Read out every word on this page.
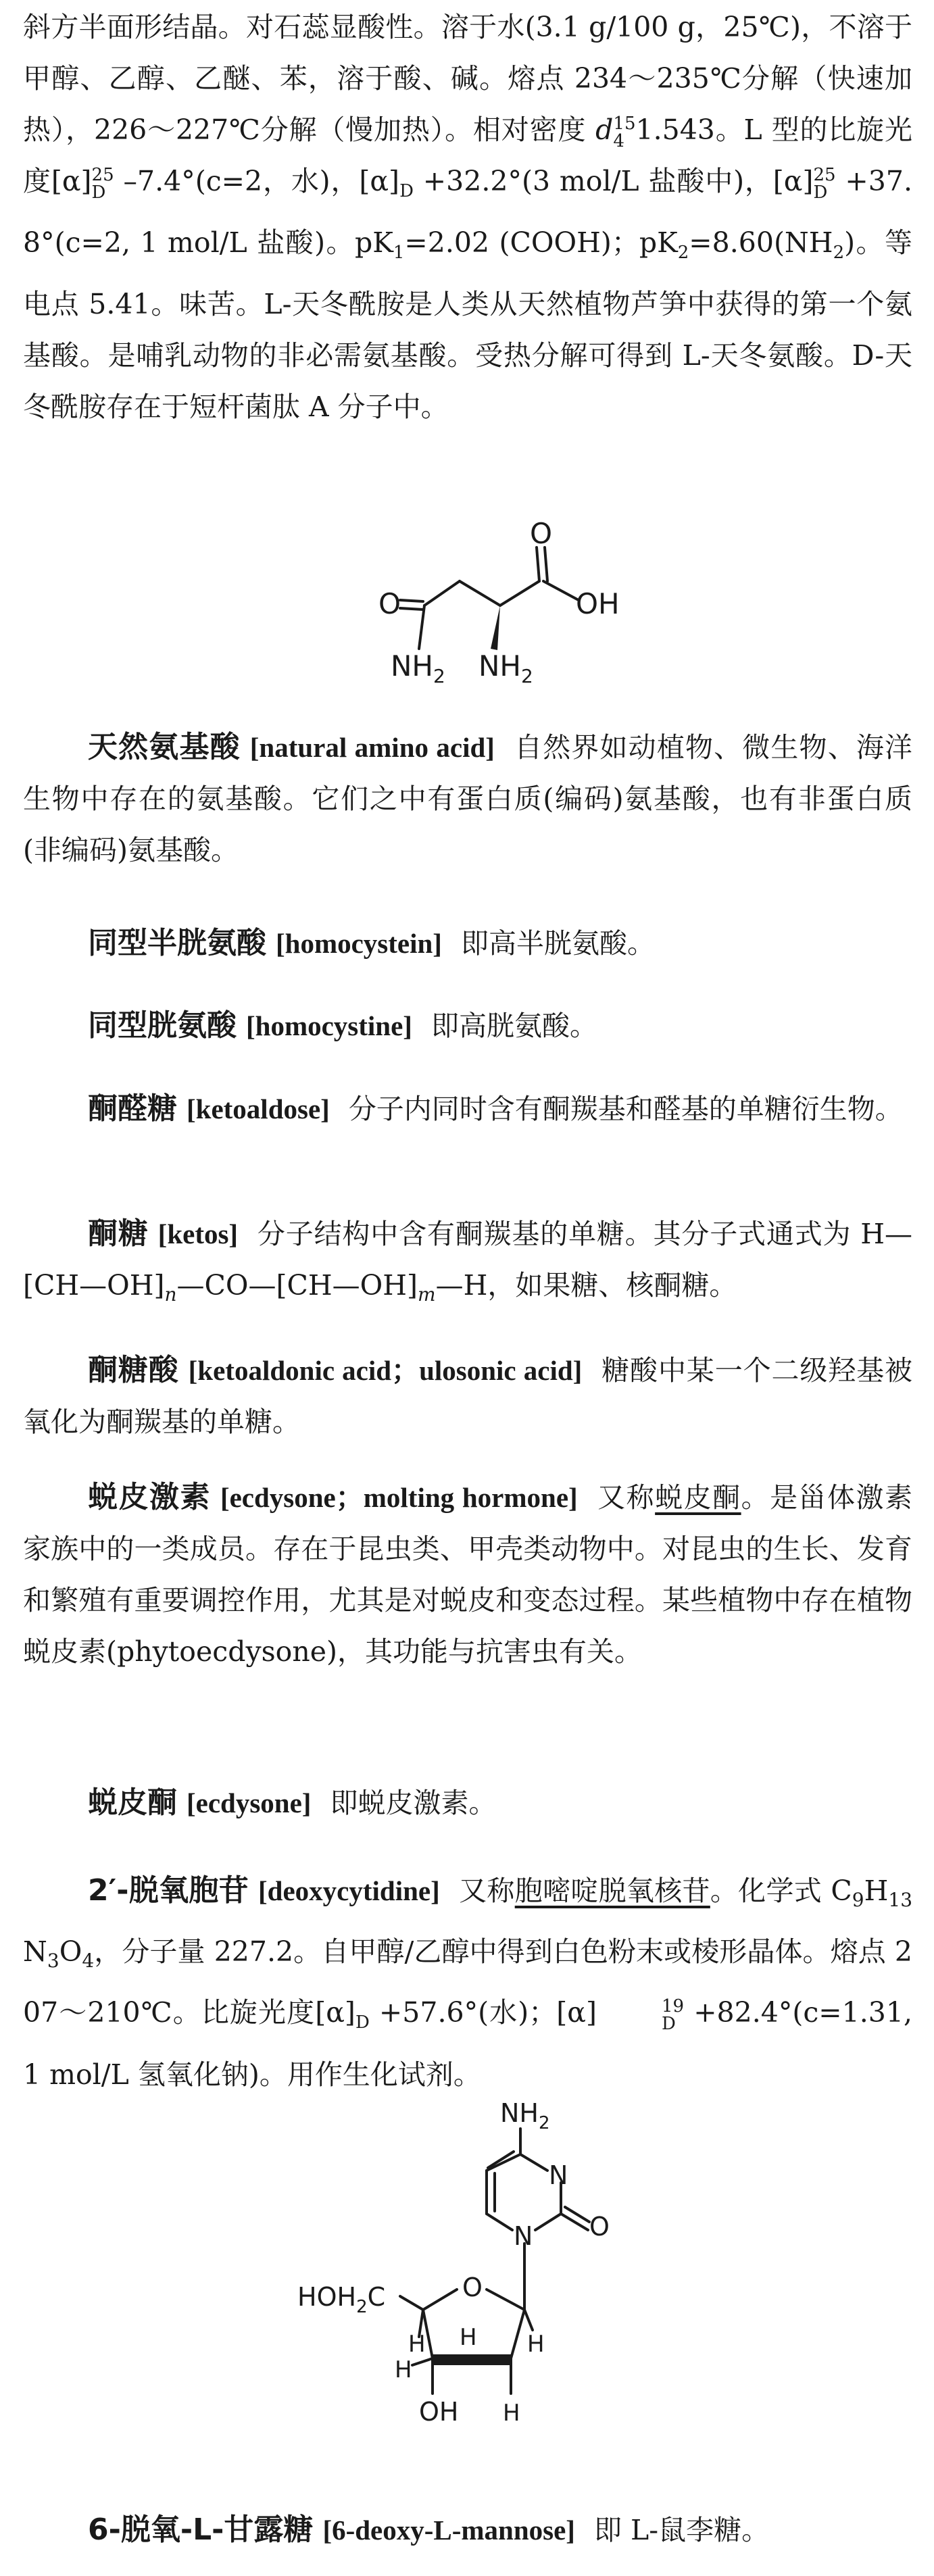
斜方半面形结晶。对石蕊显酸性。溶于水(3.1 g/100 g，25℃)，不溶于甲醇、乙醇、乙醚、苯，溶于酸、碱。熔点 234～235℃分解（快速加热），226～227℃分解（慢加热）。相对密度 d 15
4 1.543。L 型的比旋光度[α] 25
D –7.4°(c=2，水)，$[\alpha]_D +32.2^\circ(3$ mol/L 盐酸中)，[α] 25
D +37.8°(c=2, 1 mol/L 盐酸)。$pK_1=2.02$ (COOH)；$pK_2=8.60(NH_2)$。等电点 5.41。味苦。L-天冬酰胺是人类从天然植物芦笋中获得的第一个氨基酸。是哺乳动物的非必需氨基酸。受热分解可得到 L-天冬氨酸。D-天冬酰胺存在于短杆菌肽 A 分子中。

O
O
OH
$NH_2$ $NH_2$

天然氨基酸 [natural amino acid] 自然界如动植物、微生物、海洋生物中存在的氨基酸。它们之中有蛋白质(编码)氨基酸，也有非蛋白质(非编码)氨基酸。

同型半胱氨酸 [homocystein] 即高半胱氨酸。

同型胱氨酸 [homocystine] 即高胱氨酸。

酮醛糖 [ketoaldose] 分子内同时含有酮羰基和醛基的单糖衍生物。

酮糖 [ketos] 分子结构中含有酮羰基的单糖。其分子式通式为 $H—[CH—OH]_n—CO—[CH—OH]_m—H$，如果糖、核酮糖。

酮糖酸 [ketoaldonic acid；ulosonic acid] 糖酸中某一个二级羟基被氧化为酮羰基的单糖。

蜕皮激素 [ecdysone；molting hormone] 又称蜕皮酮。是甾体激素家族中的一类成员。存在于昆虫类、甲壳类动物中。对昆虫的生长、发育和繁殖有重要调控作用，尤其是对蜕皮和变态过程。某些植物中存在植物蜕皮素(phytoecdysone)，其功能与抗害虫有关。

蜕皮酮 [ecdysone] 即蜕皮激素。

2′-脱氧胞苷 [deoxycytidine] 又称胞嘧啶脱氧核苷。化学式 $C_9H_{13}N_3O_4$，分子量 227.2。自甲醇/乙醇中得到白色粉末或棱形晶体。熔点 207～210℃。比旋光度$[\alpha]_D +57.6^\circ$(水)；[α]	19
D +82.4°(c=1.31, 1 mol/L 氢氧化钠)。用作生化试剂。

$NH_2$
N
N O
$HOH_2C$	O
H	H
H
H
OH H

6-脱氧-L-甘露糖 [6-deoxy-L-mannose] 即 L-鼠李糖。
